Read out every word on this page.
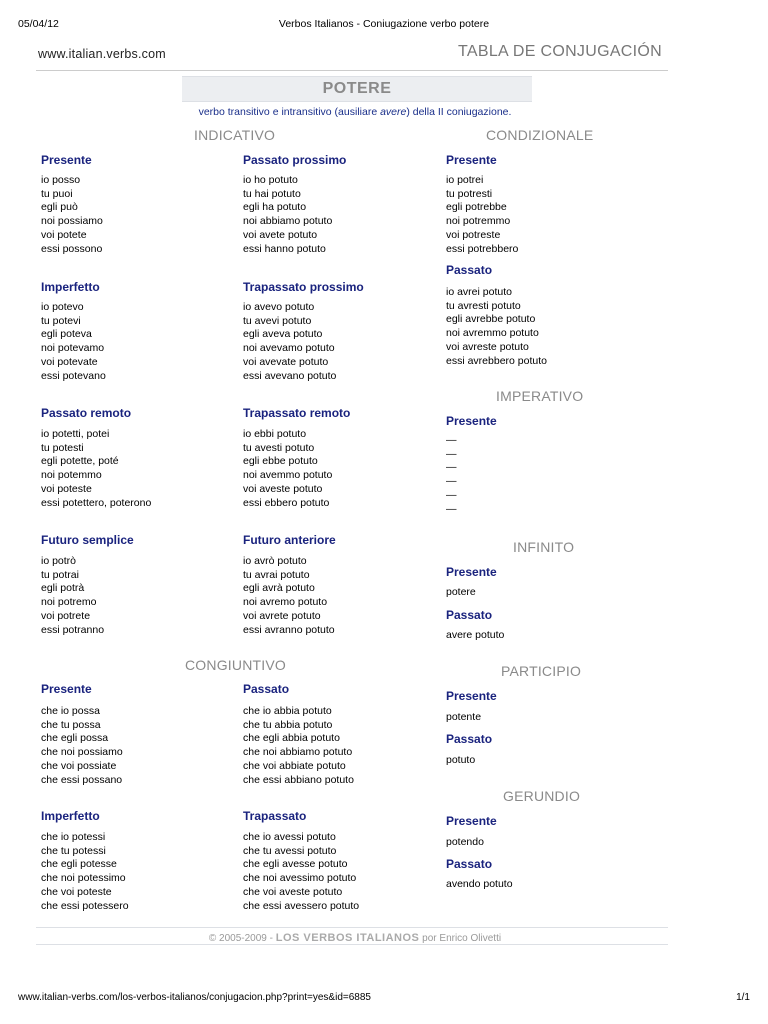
05/04/12	Verbos Italianos - Coniugazione verbo potere
www.italian.verbs.com	TABLA DE CONJUGACIÓN
POTERE
verbo transitivo e intransitivo (ausiliare avere) della II coniugazione.
INDICATIVO
CONGIUNTIVO
CONDIZIONALE
IMPERATIVO
INFINITO
PARTICIPIO
GERUNDIO
Presente
io posso
tu puoi
egli può
noi possiamo
voi potete
essi possono
Imperfetto
io potevo
tu potevi
egli poteva
noi potevamo
voi potevate
essi potevano
Passato remoto
io potetti, potei
tu potesti
egli potette, poté
noi potemmo
voi poteste
essi potettero, poterono
Futuro semplice
io potrò
tu potrai
egli potrà
noi potremo
voi potrete
essi potranno
Passato prossimo
io ho potuto
tu hai potuto
egli ha potuto
noi abbiamo potuto
voi avete potuto
essi hanno potuto
Trapassato prossimo
io avevo potuto
tu avevi potuto
egli aveva potuto
noi avevamo potuto
voi avevate potuto
essi avevano potuto
Trapassato remoto
io ebbi potuto
tu avesti potuto
egli ebbe potuto
noi avemmo potuto
voi aveste potuto
essi ebbero potuto
Futuro anteriore
io avrò potuto
tu avrai potuto
egli avrà potuto
noi avremo potuto
voi avrete potuto
essi avranno potuto
Presente
che io possa
che tu possa
che egli possa
che noi possiamo
che voi possiate
che essi possano
Passato
che io abbia potuto
che tu abbia potuto
che egli abbia potuto
che noi abbiamo potuto
che voi abbiate potuto
che essi abbiano potuto
Imperfetto
che io potessi
che tu potessi
che egli potesse
che noi potessimo
che voi poteste
che essi potessero
Trapassato
che io avessi potuto
che tu avessi potuto
che egli avesse potuto
che noi avessimo potuto
che voi aveste potuto
che essi avessero potuto
Presente
io potrei
tu potresti
egli potrebbe
noi potremmo
voi potreste
essi potrebbero
Passato
io avrei potuto
tu avresti potuto
egli avrebbe potuto
noi avremmo potuto
voi avreste potuto
essi avrebbero potuto
Presente
—
—
—
—
—
—
Presente
potere
Passato
avere potuto
Presente
potente
Passato
potuto
Presente
potendo
Passato
avendo potuto
© 2005-2009 - LOS VERBOS ITALIANOS por Enrico Olivetti
www.italian-verbs.com/los-verbos-italianos/conjugacion.php?print=yes&id=6885	1/1
